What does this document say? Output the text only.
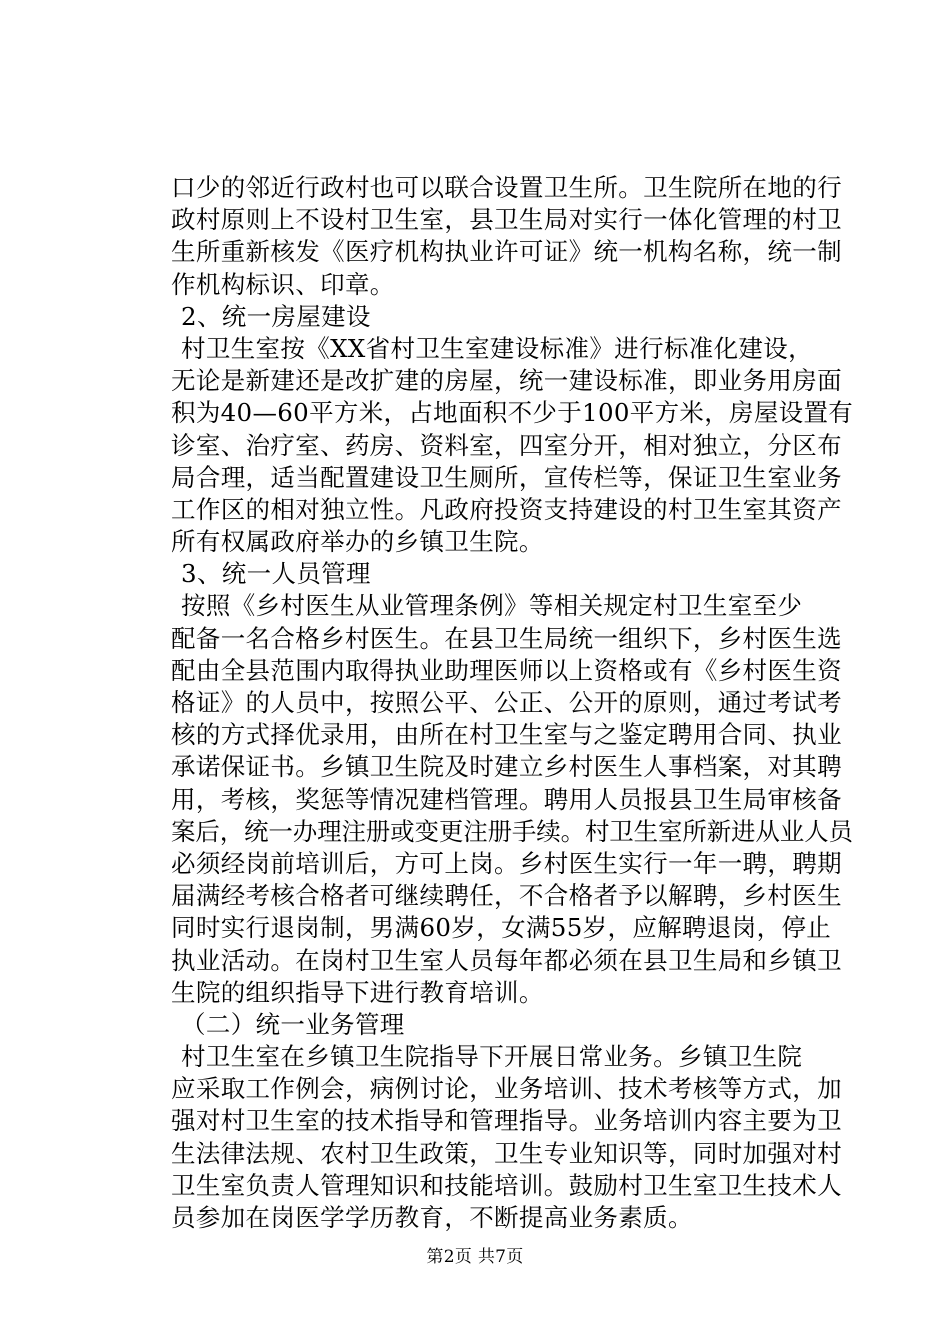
口少的邻近行政村也可以联合设置卫生所。卫生院所在地的行
政村原则上不设村卫生室，县卫生局对实行一体化管理的村卫
生所重新核发《医疗机构执业许可证》统一机构名称，统一制
作机构标识、印章。
2、统一房屋建设
村卫生室按《XX省村卫生室建设标准》进行标准化建设，
无论是新建还是改扩建的房屋，统一建设标准，即业务用房面
积为40—60平方米，占地面积不少于100平方米，房屋设置有
诊室、治疗室、药房、资料室，四室分开，相对独立，分区布
局合理，适当配置建设卫生厕所，宣传栏等，保证卫生室业务
工作区的相对独立性。凡政府投资支持建设的村卫生室其资产
所有权属政府举办的乡镇卫生院。
3、统一人员管理
按照《乡村医生从业管理条例》等相关规定村卫生室至少
配备一名合格乡村医生。在县卫生局统一组织下，乡村医生选
配由全县范围内取得执业助理医师以上资格或有《乡村医生资
格证》的人员中，按照公平、公正、公开的原则，通过考试考
核的方式择优录用，由所在村卫生室与之鉴定聘用合同、执业
承诺保证书。乡镇卫生院及时建立乡村医生人事档案，对其聘
用，考核，奖惩等情况建档管理。聘用人员报县卫生局审核备
案后，统一办理注册或变更注册手续。村卫生室所新进从业人员
必须经岗前培训后，方可上岗。乡村医生实行一年一聘，聘期
届满经考核合格者可继续聘任，不合格者予以解聘，乡村医生
同时实行退岗制，男满60岁，女满55岁，应解聘退岗，停止
执业活动。在岗村卫生室人员每年都必须在县卫生局和乡镇卫
生院的组织指导下进行教育培训。
（二）统一业务管理
村卫生室在乡镇卫生院指导下开展日常业务。乡镇卫生院
应采取工作例会，病例讨论，业务培训、技术考核等方式，加
强对村卫生室的技术指导和管理指导。业务培训内容主要为卫
生法律法规、农村卫生政策，卫生专业知识等，同时加强对村
卫生室负责人管理知识和技能培训。鼓励村卫生室卫生技术人
员参加在岗医学学历教育，不断提高业务素质。
第2页 共7页
